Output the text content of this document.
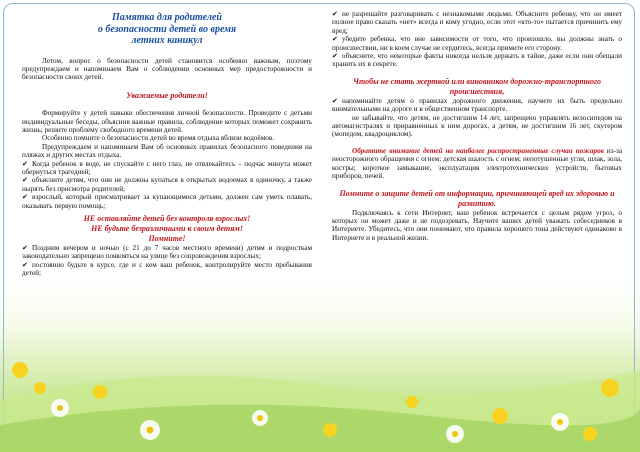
Памятка для родителей
о безопасности детей во время
летних каникул

Летом, вопрос о безопасности детей становится особенно важным, поэтому предупреждаем и напоминаем Вам о соблюдении основных мер предосторожности и безопасности своих детей.

Уважаемые родители!

Формируйте у детей навыки обеспечения личной безопасности. Проведите с детьми индивидуальные беседы, объяснив важные правила, соблюдение которых поможет сохранить жизнь; решите проблему свободного времени детей.

Особенно помните о безопасности детей во время отдыха вблизи водоёмов.

Предупреждаем и напоминаем Вам об основных правилах безопасного поведения на пляжах и других местах отдыха.

✔ Когда ребенок в воде, не спускайте с него глаз, не отвлекайтесь – подчас минута может обернуться трагедией;

✔ объясните детям, что они не должны купаться в открытых водоемах в одиночку, а также нырять без присмотра родителей;

✔ взрослый, который присматривает за купающимися детьми, должен сам уметь плавать, оказывать первую помощь;

НЕ оставляйте детей без контроля взрослых!
НЕ будьте безразличными к своим детям!
Помните!

✔ Поздним вечером и ночью (с 21 до 7 часов местного времени) детям и подросткам законодательно запрещено появляться на улице без сопровождения взрослых;

✔ постоянно будьте в курсе, где и с кем ваш ребенок, контролируйте место пребывания детей;

✔ не разрешайте разговаривать с незнакомыми людьми. Объясните ребенку, что он имеет полное право сказать «нет» всегда и кому угодно, если этот «кто-то» пытается причинить ему вред;

✔ убедите ребенка, что вне зависимости от того, что произошло, вы должны знать о происшествии, ни в коем случае не сердитесь, всегда примите его сторону.

✔ объясните, что некоторые факты никогда нельзя держать в тайне, даже если они обещали хранить их в секрете.

Чтобы не стать жертвой или виновником дорожно-транспортного происшествия,

✔ напоминайте детям о правилах дорожного движения, научите их быть предельно внимательными на дороге и в общественном транспорте.

не забывайте, что детям, не достигшим 14 лет, запрещено управлять велосипедом на автомагистралях и приравненных к ним дорогах, а детям, не достигшим 16 лет, скутером (мопедом, квадроциклом).

Обратите внимание детей на наиболее распространенные случаи пожаров из-за неосторожного обращения с огнем: детская шалость с огнем; непотушенные угли, шлак, зола, костры; короткое замыкание, эксплуатация электротехнических устройств, бытовых приборов, печей.

Помните о защите детей от информации, причиняющей вред их здоровью и развитию.

Подключаясь к сети Интернет, ваш ребенок встречается с целым рядом угроз, о которых он может даже и не подозревать. Научите ваших детей уважать собеседников в Интернете. Убедитесь, что они понимают, что правила хорошего тона действуют одинаково в Интернете и в реальной жизни.
